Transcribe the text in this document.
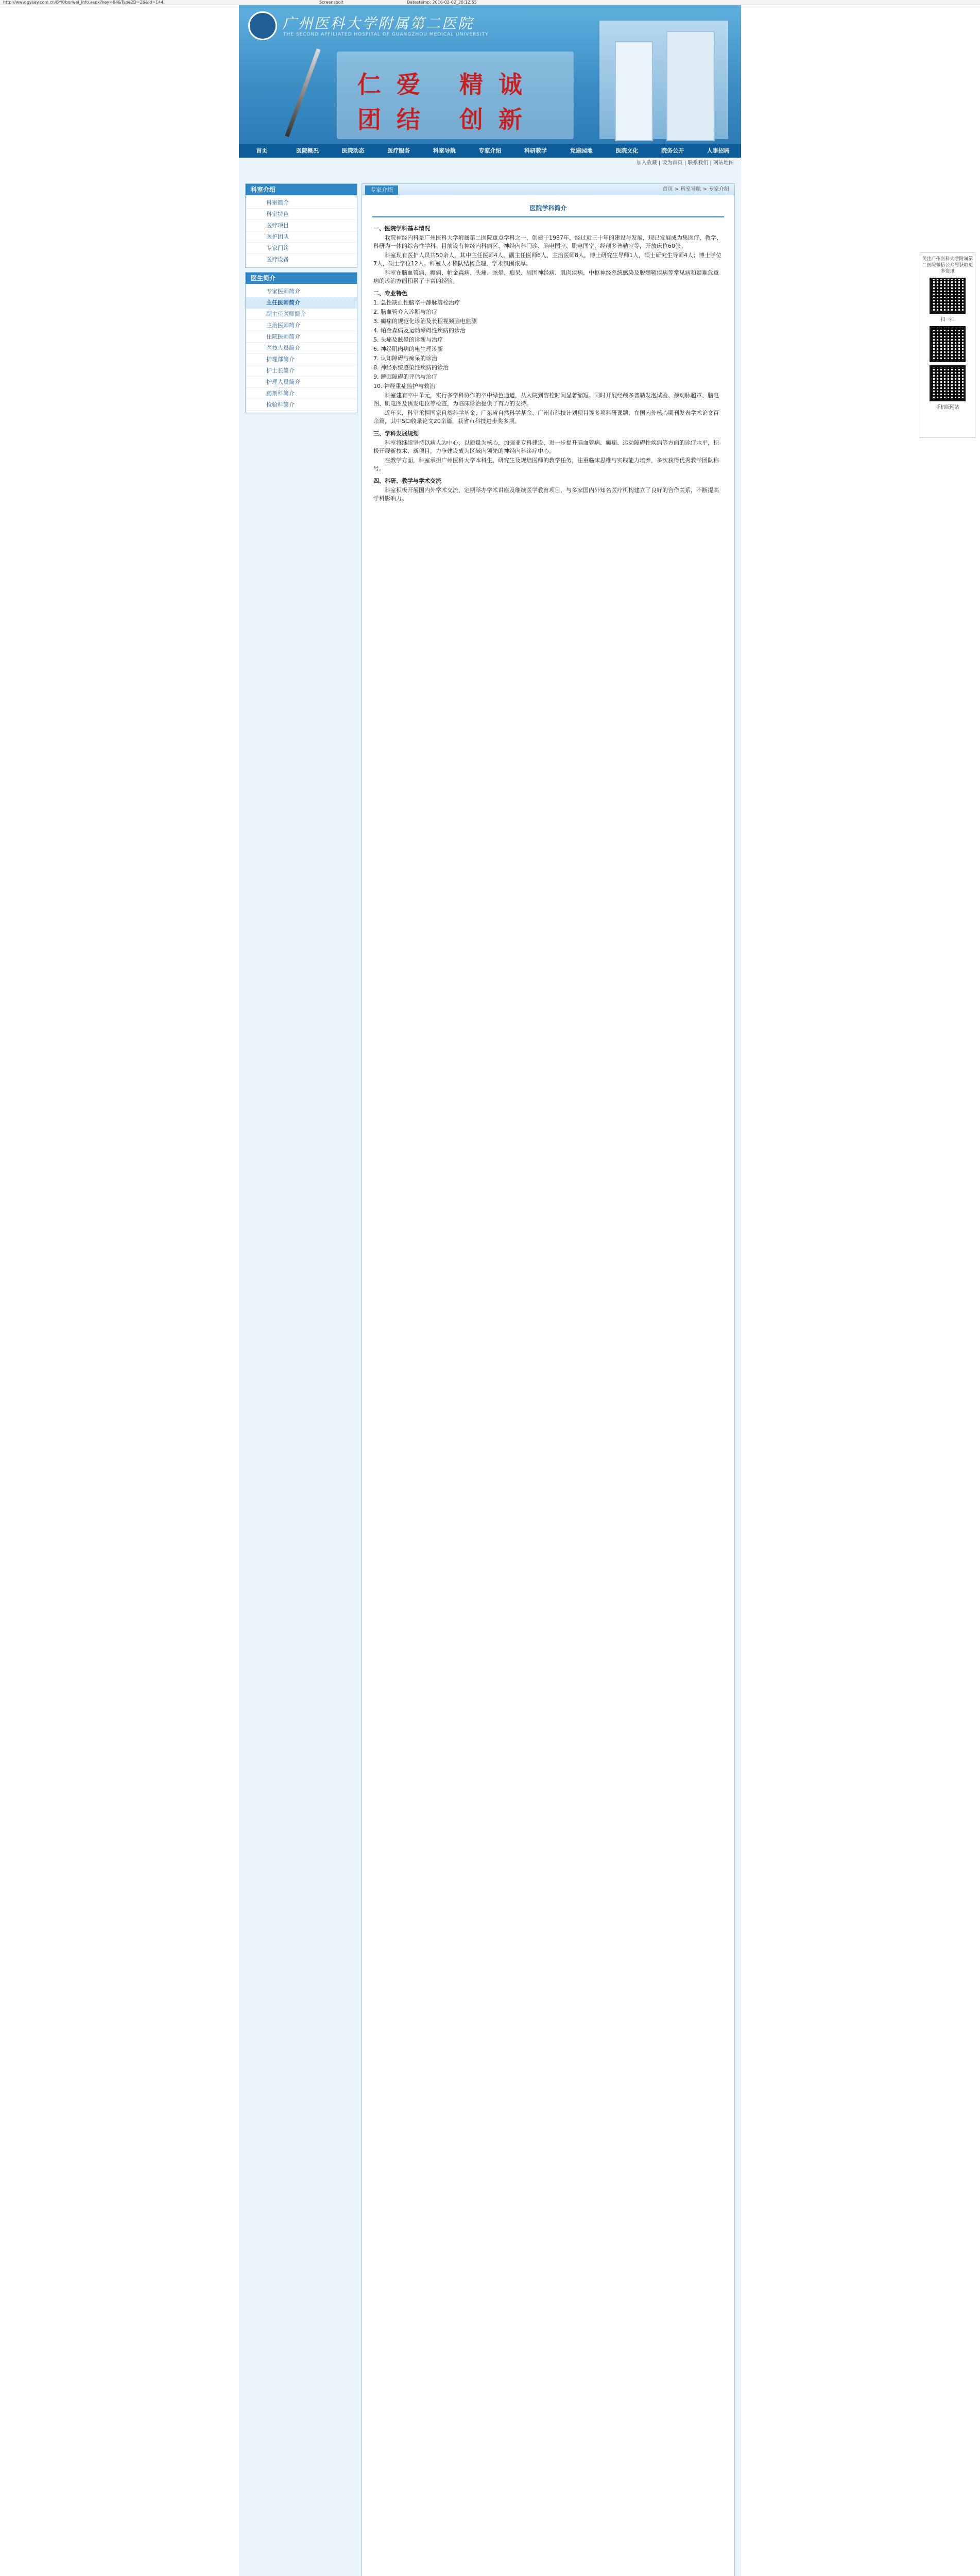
http://www.gysey.com.cn/BYK/borwei_info.aspx?key=64&Type2D=26&id=144	Screenspolt	Datestemp: 2016-02-02_20:12:55
广州医科大学附属第二医院
THE SECOND AFFILIATED HOSPITAL OF GUANGZHOU MEDICAL UNIVERSITY
仁爱 精诚
团结 创新
首页	医院概况	医院动态	医疗服务	科室导航	专家介绍	科研教学	党建园地	医院文化	院务公开	人事招聘
加入收藏 | 设为首页 | 联系我们 | 网站地图
科室介绍
科室简介
科室特色
医疗项目
医护团队
专家门诊
医疗设备
医生简介
专家医师简介
主任医师简介
副主任医师简介
主治医师简介
住院医师简介
医技人员简介
护理部简介
护士长简介
护理人员简介
药剂科简介
检验科简介
专家介绍	首页 > 科室导航 > 专家介绍
医院学科简介

一、医院学科基本情况

我院神经内科是广州医科大学附属第二医院重点学科之一，创建于1987年，经过近三十年的建设与发展，现已发展成为集医疗、教学、科研为一体的综合性学科。目前设有神经内科病区、神经内科门诊、脑电图室、肌电图室、经颅多普勒室等，开放床位60张。

科室现有医护人员共50余人，其中主任医师4人，副主任医师6人，主治医师8人，博士研究生导师1人，硕士研究生导师4人；博士学位7人，硕士学位12人。科室人才梯队结构合理，学术氛围浓厚。

科室在脑血管病、癫痫、帕金森病、头痛、眩晕、痴呆、周围神经病、肌肉疾病、中枢神经系统感染及脱髓鞘疾病等常见病和疑难危重病的诊治方面积累了丰富的经验。

二、专业特色

1. 急性缺血性脑卒中静脉溶栓治疗

2. 脑血管介入诊断与治疗

3. 癫痫的规范化诊治及长程视频脑电监测

4. 帕金森病及运动障碍性疾病的诊治

5. 头痛及眩晕的诊断与治疗

6. 神经肌肉病的电生理诊断

7. 认知障碍与痴呆的诊治

8. 神经系统感染性疾病的诊治

9. 睡眠障碍的评估与治疗

10. 神经重症监护与救治

科室建有卒中单元，实行多学科协作的卒中绿色通道，从入院到溶栓时间显著缩短。同时开展经颅多普勒发泡试验、颈动脉超声、脑电图、肌电图及诱发电位等检查，为临床诊治提供了有力的支持。

近年来，科室承担国家自然科学基金、广东省自然科学基金、广州市科技计划项目等多项科研课题，在国内外核心期刊发表学术论文百余篇，其中SCI收录论文20余篇，获省市科技进步奖多项。

三、学科发展规划

科室将继续坚持以病人为中心，以质量为核心，加强亚专科建设，进一步提升脑血管病、癫痫、运动障碍性疾病等方面的诊疗水平，积极开展新技术、新项目，力争建设成为区域内领先的神经内科诊疗中心。

在教学方面，科室承担广州医科大学本科生、研究生及规培医师的教学任务，注重临床思维与实践能力培养，多次获得优秀教学团队称号。

四、科研、教学与学术交流

科室积极开展国内外学术交流，定期举办学术讲座及继续医学教育项目，与多家国内外知名医疗机构建立了良好的合作关系，不断提高学科影响力。

关注广州医科大学附属第二医院微信公众号获取更多资讯
扫一扫
手机版网站
